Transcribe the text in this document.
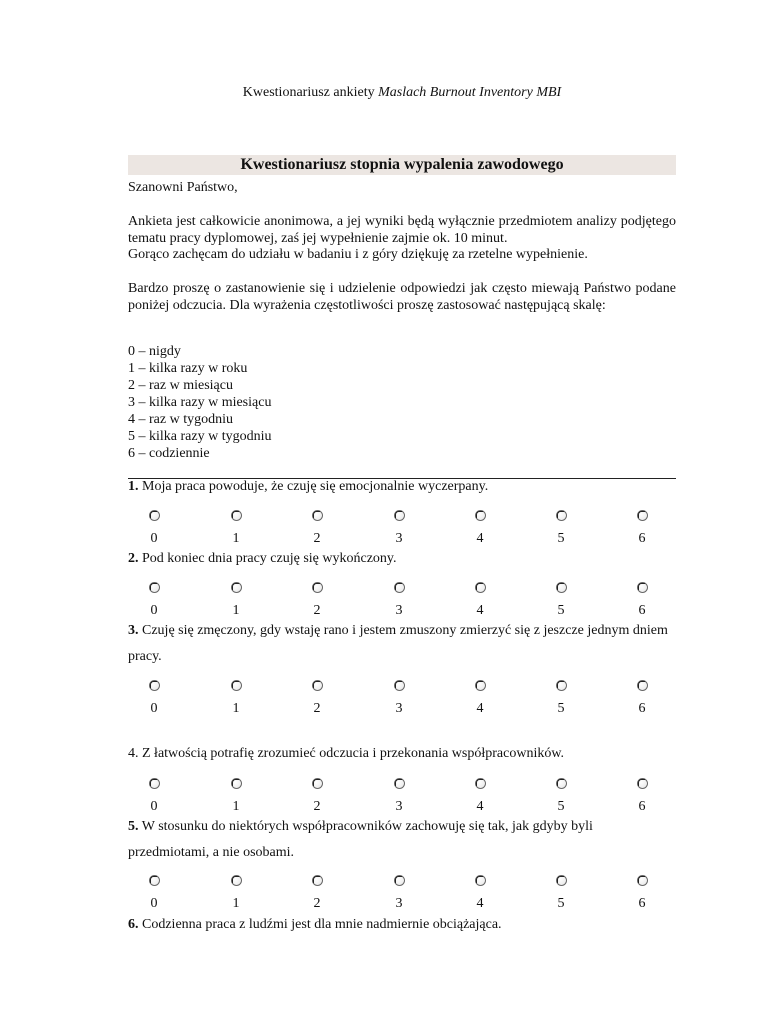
Kwestionariusz ankiety Maslach Burnout Inventory MBI
Kwestionariusz stopnia wypalenia zawodowego
Szanowni Państwo,
Ankieta jest całkowicie anonimowa, a jej wyniki będą wyłącznie przedmiotem analizy podjętego tematu pracy dyplomowej, zaś jej wypełnienie zajmie ok. 10 minut.
Gorąco zachęcam do udziału w badaniu i z góry dziękuję za rzetelne wypełnienie.
Bardzo proszę o zastanowienie się i udzielenie odpowiedzi jak często miewają Państwo podane poniżej odczucia. Dla wyrażenia częstotliwości proszę zastosować następującą skalę:
0 – nigdy
1 – kilka razy w roku
2 – raz w miesiącu
3 – kilka razy w miesiącu
4 – raz w tygodniu
5 – kilka razy w tygodniu
6 – codziennie
1. Moja praca powoduje, że czuję się emocjonalnie wyczerpany.
0	1	2	3	4	5	6
2. Pod koniec dnia pracy czuję się wykończony.
0	1	2	3	4	5	6
3. Czuję się zmęczony, gdy wstaję rano i jestem zmuszony zmierzyć się z jeszcze jednym dniem pracy.
0	1	2	3	4	5	6
4. Z łatwością potrafię zrozumieć odczucia i przekonania współpracowników.
0	1	2	3	4	5	6
5. W stosunku do niektórych współpracowników zachowuję się tak, jak gdyby byli przedmiotami, a nie osobami.
0	1	2	3	4	5	6
6. Codzienna praca z ludźmi jest dla mnie nadmiernie obciążająca.
